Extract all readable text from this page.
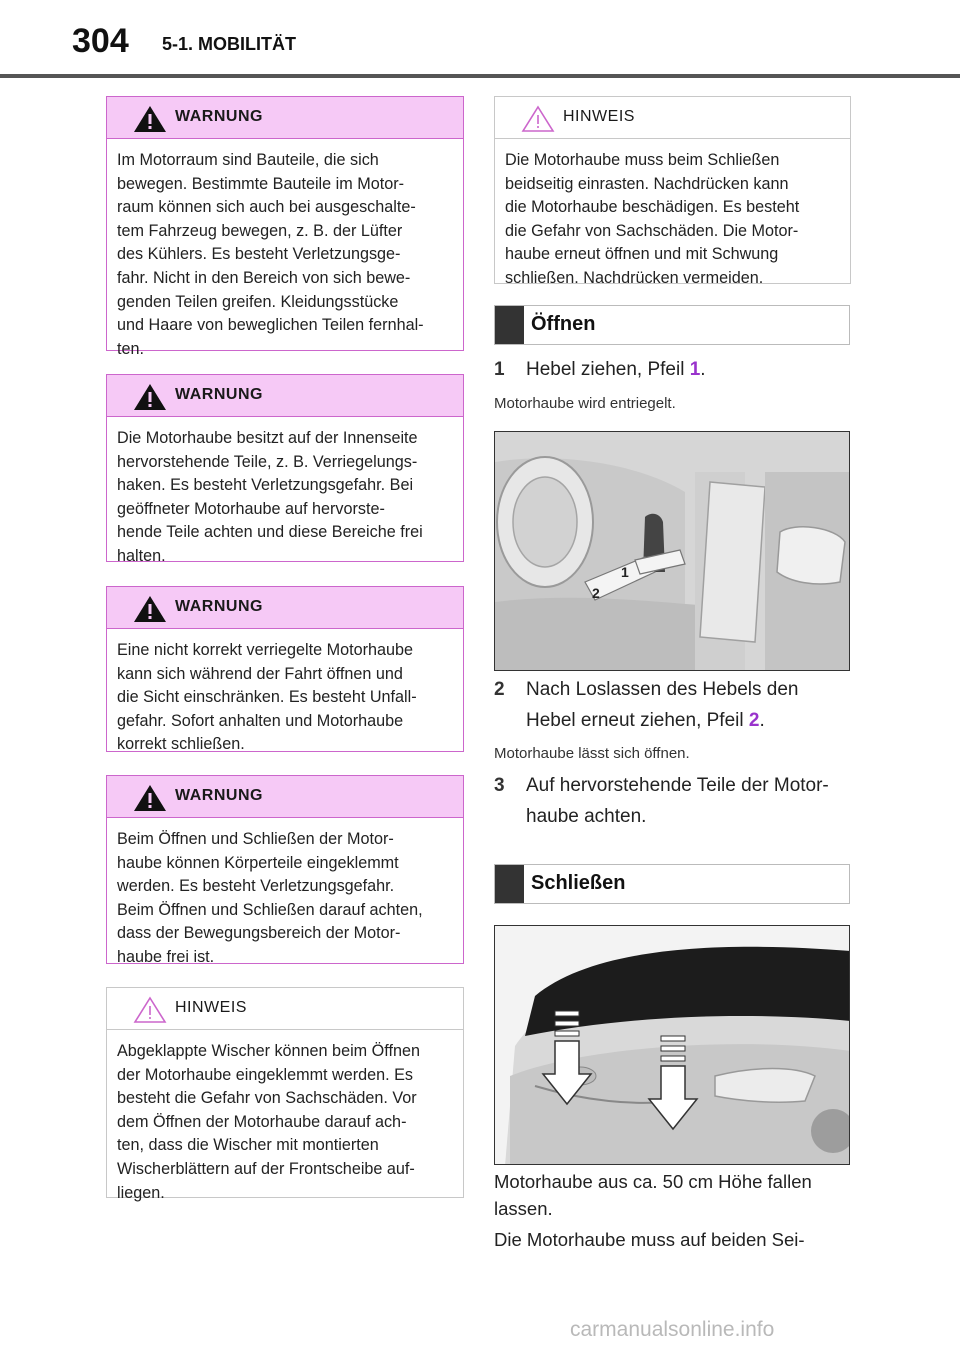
304 5-1. MOBILITÄT
WARNUNG
Im Motorraum sind Bauteile, die sich
bewegen. Bestimmte Bauteile im Motor-
raum können sich auch bei ausgeschalte-
tem Fahrzeug bewegen, z. B. der Lüfter
des Kühlers. Es besteht Verletzungsge-
fahr. Nicht in den Bereich von sich bewe-
genden Teilen greifen. Kleidungsstücke
und Haare von beweglichen Teilen fernhal-
ten.
WARNUNG
Die Motorhaube besitzt auf der Innenseite
hervorstehende Teile, z. B. Verriegelungs-
haken. Es besteht Verletzungsgefahr. Bei
geöffneter Motorhaube auf hervorste-
hende Teile achten und diese Bereiche frei
halten.
WARNUNG
Eine nicht korrekt verriegelte Motorhaube
kann sich während der Fahrt öffnen und
die Sicht einschränken. Es besteht Unfall-
gefahr. Sofort anhalten und Motorhaube
korrekt schließen.
WARNUNG
Beim Öffnen und Schließen der Motor-
haube können Körperteile eingeklemmt
werden. Es besteht Verletzungsgefahr.
Beim Öffnen und Schließen darauf achten,
dass der Bewegungsbereich der Motor-
haube frei ist.
HINWEIS
Abgeklappte Wischer können beim Öffnen
der Motorhaube eingeklemmt werden. Es
besteht die Gefahr von Sachschäden. Vor
dem Öffnen der Motorhaube darauf ach-
ten, dass die Wischer mit montierten
Wischerblättern auf der Frontscheibe auf-
liegen.
HINWEIS
Die Motorhaube muss beim Schließen
beidseitig einrasten. Nachdrücken kann
die Motorhaube beschädigen. Es besteht
die Gefahr von Sachschäden. Die Motor-
haube erneut öffnen und mit Schwung
schließen. Nachdrücken vermeiden.
Öffnen
1 Hebel ziehen, Pfeil 1.
Motorhaube wird entriegelt.
1
2
2 Nach Loslassen des Hebels den
Hebel erneut ziehen, Pfeil 2.
Motorhaube lässt sich öffnen.
3 Auf hervorstehende Teile der Motor-
haube achten.
Schließen
Motorhaube aus ca. 50 cm Höhe fallen
lassen.
Die Motorhaube muss auf beiden Sei-
carmanualsonline.info
